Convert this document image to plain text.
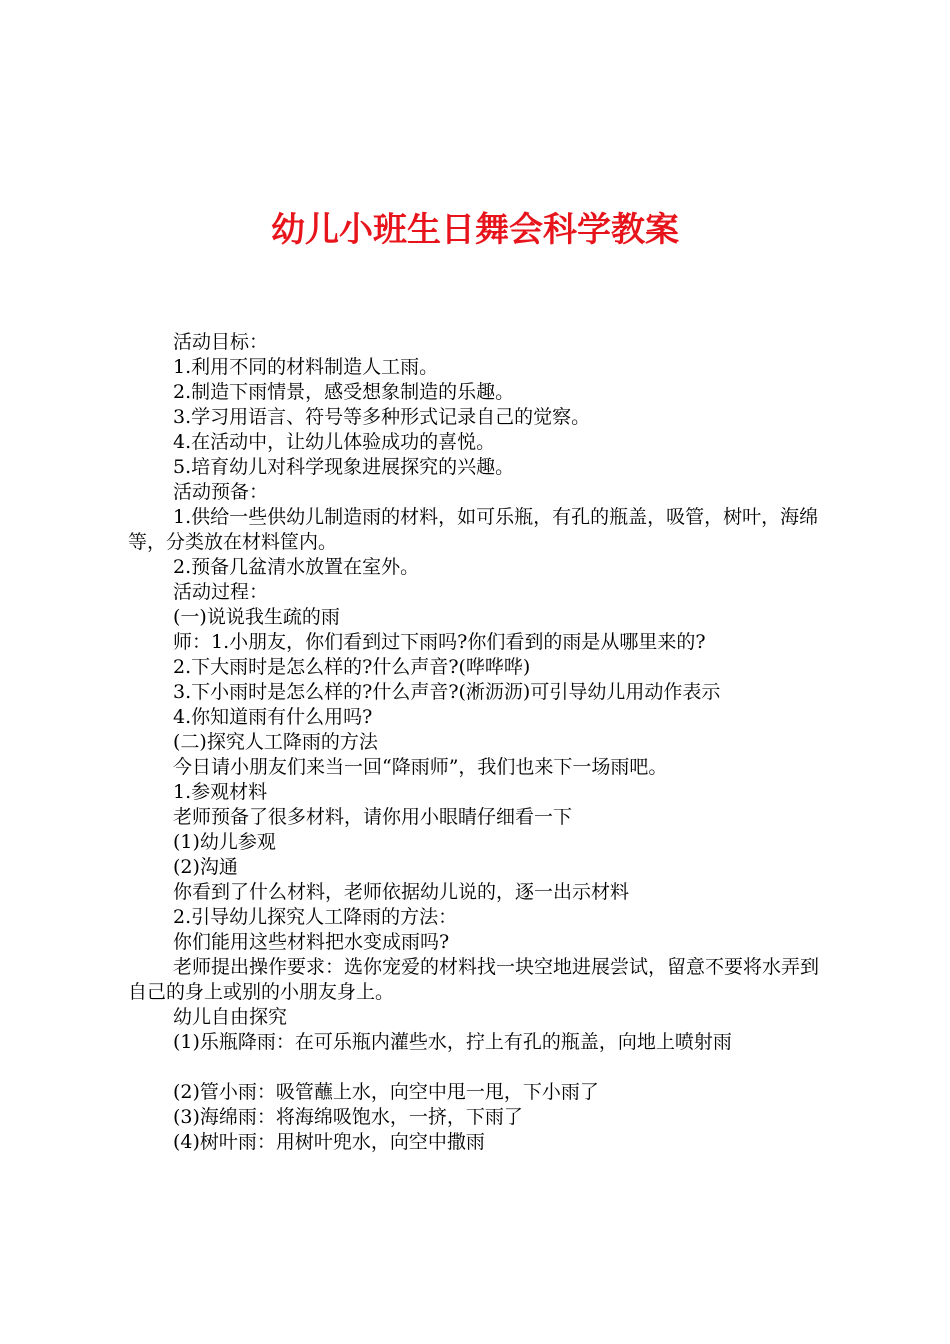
幼儿小班生日舞会科学教案

活动目标：

1.利用不同的材料制造人工雨。

2.制造下雨情景，感受想象制造的乐趣。

3.学习用语言、符号等多种形式记录自己的觉察。

4.在活动中，让幼儿体验成功的喜悦。

5.培育幼儿对科学现象进展探究的兴趣。

活动预备：

1.供给一些供幼儿制造雨的材料，如可乐瓶，有孔的瓶盖，吸管，树叶，海绵等，分类放在材料筐内。

2.预备几盆清水放置在室外。

活动过程：

(一)说说我生疏的雨

师：1.小朋友，你们看到过下雨吗?你们看到的雨是从哪里来的?

2.下大雨时是怎么样的?什么声音?(哗哗哗)

3.下小雨时是怎么样的?什么声音?(淅沥沥)可引导幼儿用动作表示

4.你知道雨有什么用吗?

(二)探究人工降雨的方法

今日请小朋友们来当一回“降雨师”，我们也来下一场雨吧。

1.参观材料

老师预备了很多材料，请你用小眼睛仔细看一下

(1)幼儿参观

(2)沟通

你看到了什么材料，老师依据幼儿说的，逐一出示材料

2.引导幼儿探究人工降雨的方法：

你们能用这些材料把水变成雨吗?

老师提出操作要求：选你宠爱的材料找一块空地进展尝试，留意不要将水弄到自己的身上或别的小朋友身上。

幼儿自由探究

(1)乐瓶降雨：在可乐瓶内灌些水，拧上有孔的瓶盖，向地上喷射雨

(2)管小雨：吸管蘸上水，向空中甩一甩，下小雨了

(3)海绵雨：将海绵吸饱水，一挤，下雨了

(4)树叶雨：用树叶兜水，向空中撒雨
